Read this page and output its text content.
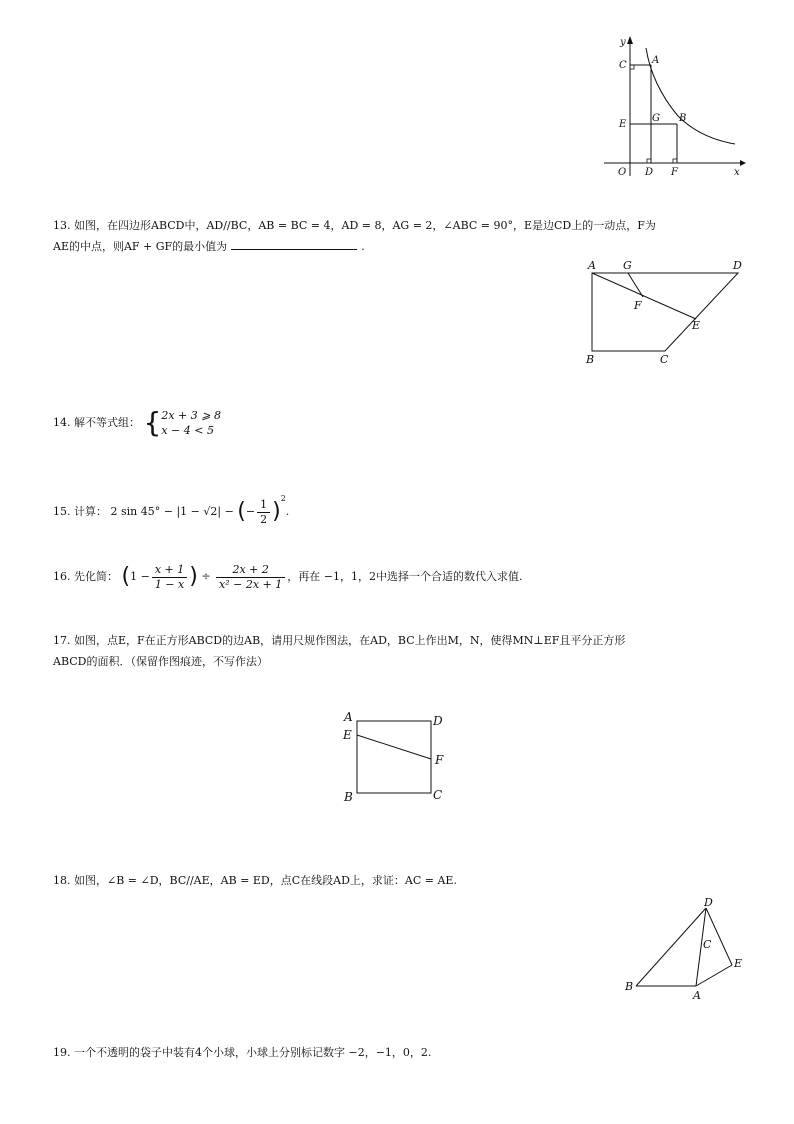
y
x
O
A
C
E
G B
D F
13. 如图，在四边形ABCD中，AD//BC，AB = BC = 4，AD = 8，AG = 2，∠ABC = 90°，E是边CD上的一动点，F为
AE的中点，则AF + GF的最小值为	.
A G	D
F
E
B	C
14. 解不等式组： { 2x + 3 ⩾ 8
x − 4 < 5
15. 计算： 2 sin 45° − |1 − √2| − (− $\frac{1}{2} )^2$.
16. 先化简： ($1 - \frac{x + 1}{1 - x}$ ) ÷ $\frac{2x + 2}{\text{x² − 2x + 1}}$ ，再在 −1，1，2中选择一个合适的数代入求值.
17. 如图，点E，F在正方形ABCD的边AB，请用尺规作图法，在AD，BC上作出M，N，使得MN⊥EF且平分正方形
ABCD的面积．（保留作图痕迹，不写作法）
A	D
E
F
B	C
18. 如图，∠B = ∠D，BC//AE，AB = ED，点C在线段AD上，求证：AC = AE.
D
C
E
B
A
19. 一个不透明的袋子中装有4个小球，小球上分别标记数字 −2，−1，0，2.
